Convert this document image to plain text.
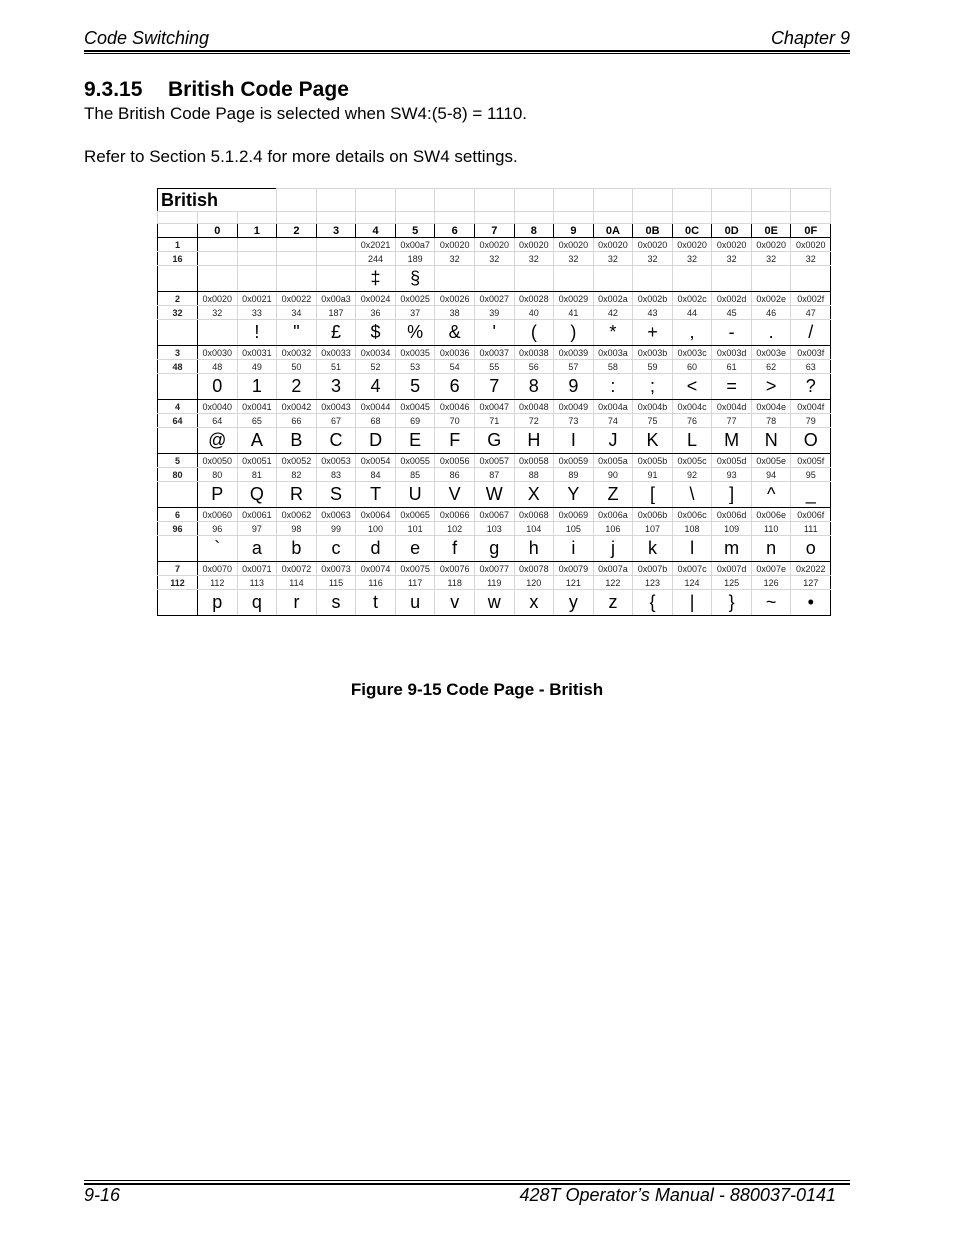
Code Switching	Chapter 9
9.3.15 British Code Page
The British Code Page is selected when SW4:(5-8) = 1110.
Refer to Section 5.1.2.4 for more details on SW4 settings.
British																

	0	1	2	3	4	5	6	7	8	9	0A	0B	0C	0D	0E	0F
1					0x2021	0x00a7	0x0020	0x0020	0x0020	0x0020	0x0020	0x0020	0x0020	0x0020	0x0020	0x0020
16					244	189	32	32	32	32	32	32	32	32	32	32
					‡	§										
2	0x0020	0x0021	0x0022	0x00a3	0x0024	0x0025	0x0026	0x0027	0x0028	0x0029	0x002a	0x002b	0x002c	0x002d	0x002e	0x002f
32	32	33	34	187	36	37	38	39	40	41	42	43	44	45	46	47
		!	"	£	$	%	&	'	(	)	*	+	,	-	.	/
3	0x0030	0x0031	0x0032	0x0033	0x0034	0x0035	0x0036	0x0037	0x0038	0x0039	0x003a	0x003b	0x003c	0x003d	0x003e	0x003f
48	48	49	50	51	52	53	54	55	56	57	58	59	60	61	62	63
	0	1	2	3	4	5	6	7	8	9	:	;	<	=	>	?
4	0x0040	0x0041	0x0042	0x0043	0x0044	0x0045	0x0046	0x0047	0x0048	0x0049	0x004a	0x004b	0x004c	0x004d	0x004e	0x004f
64	64	65	66	67	68	69	70	71	72	73	74	75	76	77	78	79
	@	A	B	C	D	E	F	G	H	I	J	K	L	M	N	O
5	0x0050	0x0051	0x0052	0x0053	0x0054	0x0055	0x0056	0x0057	0x0058	0x0059	0x005a	0x005b	0x005c	0x005d	0x005e	0x005f
80	80	81	82	83	84	85	86	87	88	89	90	91	92	93	94	95
	P	Q	R	S	T	U	V	W	X	Y	Z	[	\	]	^	_
6	0x0060	0x0061	0x0062	0x0063	0x0064	0x0065	0x0066	0x0067	0x0068	0x0069	0x006a	0x006b	0x006c	0x006d	0x006e	0x006f
96	96	97	98	99	100	101	102	103	104	105	106	107	108	109	110	111
	`	a	b	c	d	e	f	g	h	i	j	k	l	m	n	o
7	0x0070	0x0071	0x0072	0x0073	0x0074	0x0075	0x0076	0x0077	0x0078	0x0079	0x007a	0x007b	0x007c	0x007d	0x007e	0x2022
112	112	113	114	115	116	117	118	119	120	121	122	123	124	125	126	127
	p	q	r	s	t	u	v	w	x	y	z	{	|	}	~	•
Figure 9-15 Code Page - British
9-16	428T Operator’s Manual - 880037-0141
